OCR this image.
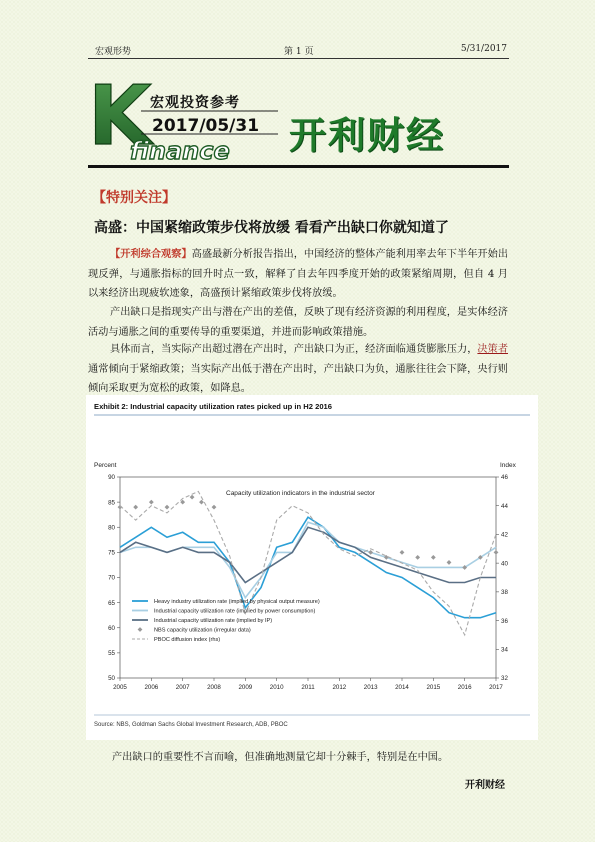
宏观形势	第 1 页	5/31/2017
K
finance
宏观投资参考
2017/05/31 开利财经
【特别关注】
高盛：中国紧缩政策步伐将放缓 看看产出缺口你就知道了
【开利综合观察】高盛最新分析报告指出，中国经济的整体产能利用率去年下半年开始出现反弹，与通胀指标的回升时点一致，解释了自去年四季度开始的政策紧缩周期，但自 4 月以来经济出现疲软迹象，高盛预计紧缩政策步伐将放缓。
产出缺口是指现实产出与潜在产出的差值，反映了现有经济资源的利用程度，是实体经济活动与通胀之间的重要传导的重要渠道，并进而影响政策措施。
具体而言，当实际产出超过潜在产出时，产出缺口为正，经济面临通货膨胀压力，决策者通常倾向于紧缩政策；当实际产出低于潜在产出时，产出缺口为负，通胀往往会下降，央行则倾向采取更为宽松的政策，如降息。
Exhibit 2: Industrial capacity utilization rates picked up in H2 2016
Percent	Index
Capacity utilization indicators in the industrial sector
50
55
60
65
70
75
80
85
90
32
34
36
38
40
42
44
46
2005	2006	2007	2008	2009	2010	2011	2012	2013	2014	2015	2016	2017
Heavy industry utilization rate (implied by physical output measure)
Industrial capacity utilization rate (implied by power consumption)
Industrial capacity utilization rate (implied by IP)
NBS capacity utilization (irregular data)
PBOC diffusion index (rhs)
Source: NBS, Goldman Sachs Global Investment Research, ADB, PBOC
产出缺口的重要性不言而喻，但准确地测量它却十分棘手，特别是在中国。
开利财经
